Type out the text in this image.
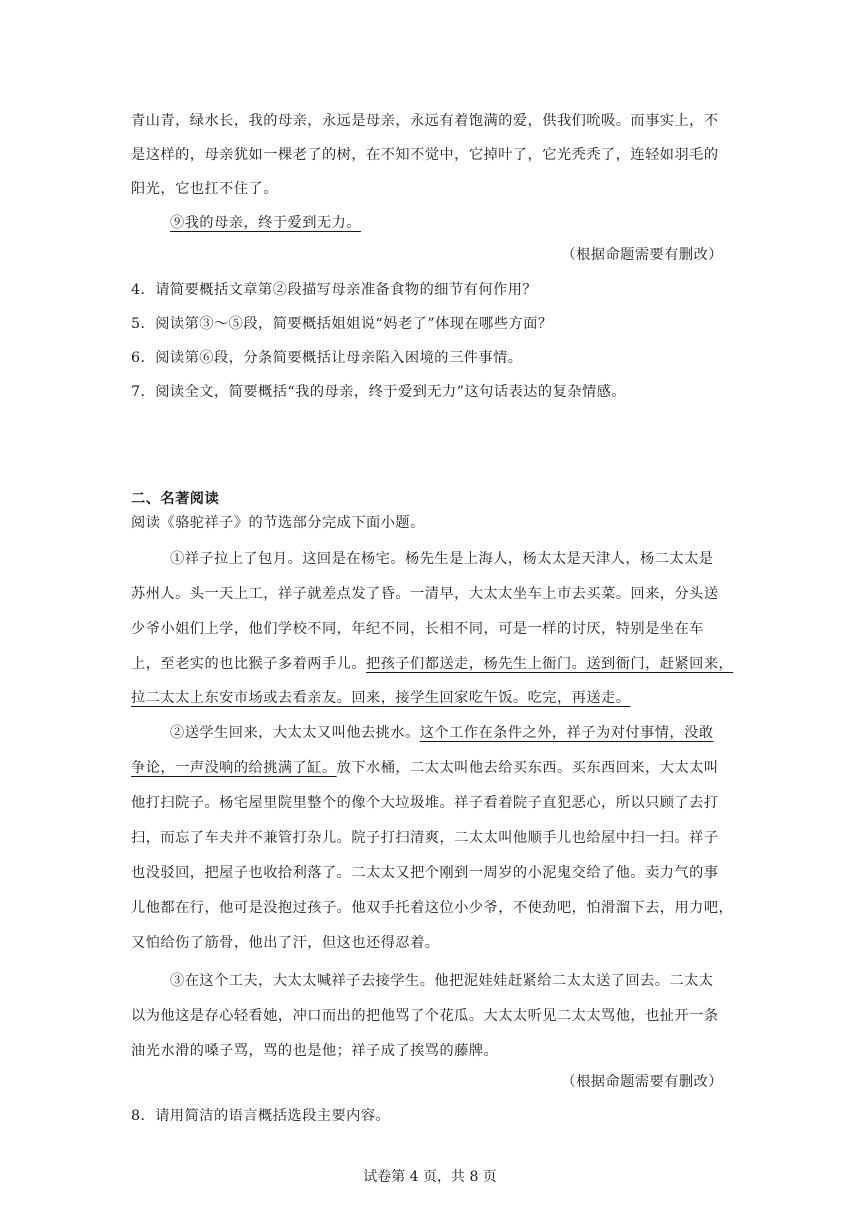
青山青，绿水长，我的母亲，永远是母亲，永远有着饱满的爱，供我们吮吸。而事实上，不
是这样的，母亲犹如一棵老了的树，在不知不觉中，它掉叶了，它光秃秃了，连轻如羽毛的
阳光，它也扛不住了。
⑨我的母亲，终于爱到无力。
（根据命题需要有删改）
4．请简要概括文章第②段描写母亲准备食物的细节有何作用？
5．阅读第③～⑤段，简要概括姐姐说“妈老了”体现在哪些方面？
6．阅读第⑥段，分条简要概括让母亲陷入困境的三件事情。
7．阅读全文，简要概括“我的母亲，终于爱到无力”这句话表达的复杂情感。
二、名著阅读
阅读《骆驼祥子》的节选部分完成下面小题。
①祥子拉上了包月。这回是在杨宅。杨先生是上海人，杨太太是天津人，杨二太太是
苏州人。头一天上工，祥子就差点发了昏。一清早，大太太坐车上市去买菜。回来，分头送
少爷小姐们上学，他们学校不同，年纪不同，长相不同，可是一样的讨厌，特别是坐在车
上，至老实的也比猴子多着两手儿。把孩子们都送走，杨先生上衙门。送到衙门，赶紧回来，
拉二太太上东安市场或去看亲友。回来，接学生回家吃午饭。吃完，再送走。
②送学生回来，大太太又叫他去挑水。这个工作在条件之外，祥子为对付事情，没敢
争论，一声没响的给挑满了缸。放下水桶，二太太叫他去给买东西。买东西回来，大太太叫
他打扫院子。杨宅屋里院里整个的像个大垃圾堆。祥子看着院子直犯恶心，所以只顾了去打
扫，而忘了车夫并不兼管打杂儿。院子打扫清爽，二太太叫他顺手儿也给屋中扫一扫。祥子
也没驳回，把屋子也收拾利落了。二太太又把个刚到一周岁的小泥鬼交给了他。卖力气的事
儿他都在行，他可是没抱过孩子。他双手托着这位小少爷，不使劲吧，怕滑溜下去，用力吧，
又怕给伤了筋骨，他出了汗，但这也还得忍着。
③在这个工夫，大太太喊祥子去接学生。他把泥娃娃赶紧给二太太送了回去。二太太
以为他这是存心轻看她，冲口而出的把他骂了个花瓜。大太太听见二太太骂他，也扯开一条
油光水滑的嗓子骂，骂的也是他；祥子成了挨骂的藤牌。
（根据命题需要有删改）
8．请用简洁的语言概括选段主要内容。
试卷第 4 页，共 8 页
